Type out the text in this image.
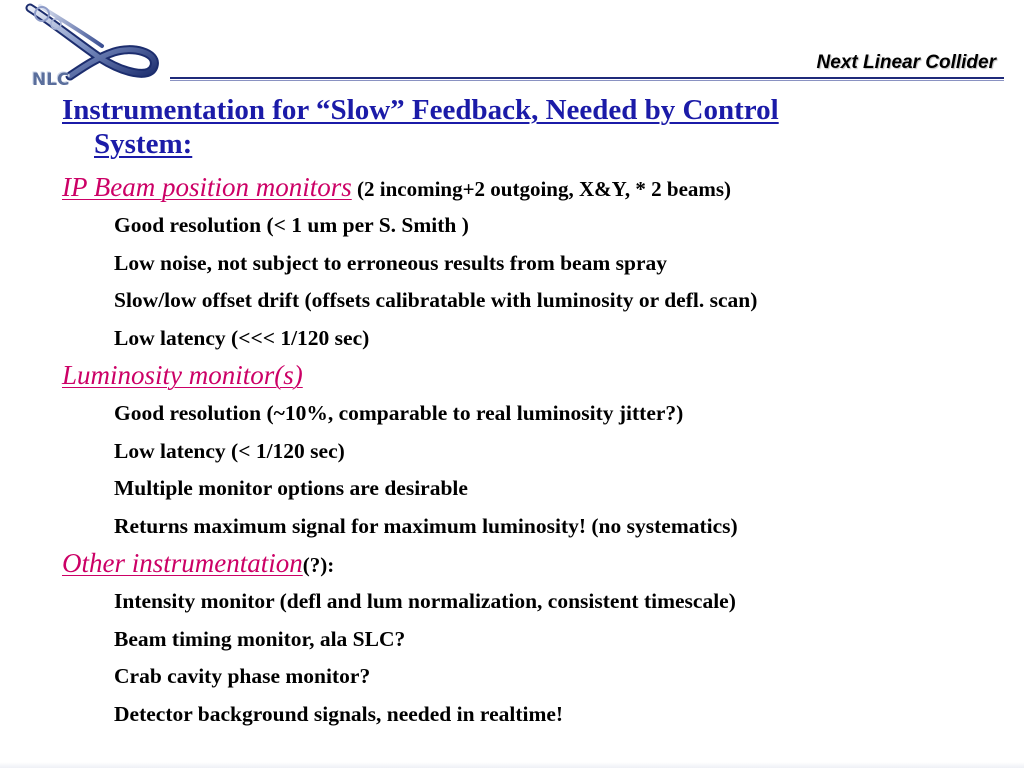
NLC
Next Linear Collider
Instrumentation for “Slow” Feedback, Needed by Control
System:
IP Beam position monitors (2 incoming+2 outgoing, X&Y, * 2 beams)
Good resolution (< 1 um per S. Smith )
Low noise, not subject to erroneous results from beam spray
Slow/low offset drift (offsets calibratable with luminosity or defl. scan)
Low latency (<<< 1/120 sec)
Luminosity monitor(s)
Good resolution (~10%, comparable to real luminosity jitter?)
Low latency (< 1/120 sec)
Multiple monitor options are desirable
Returns maximum signal for maximum luminosity! (no systematics)
Other instrumentation(?):
Intensity monitor (defl and lum normalization, consistent timescale)
Beam timing monitor, ala SLC?
Crab cavity phase monitor?
Detector background signals, needed in realtime!
